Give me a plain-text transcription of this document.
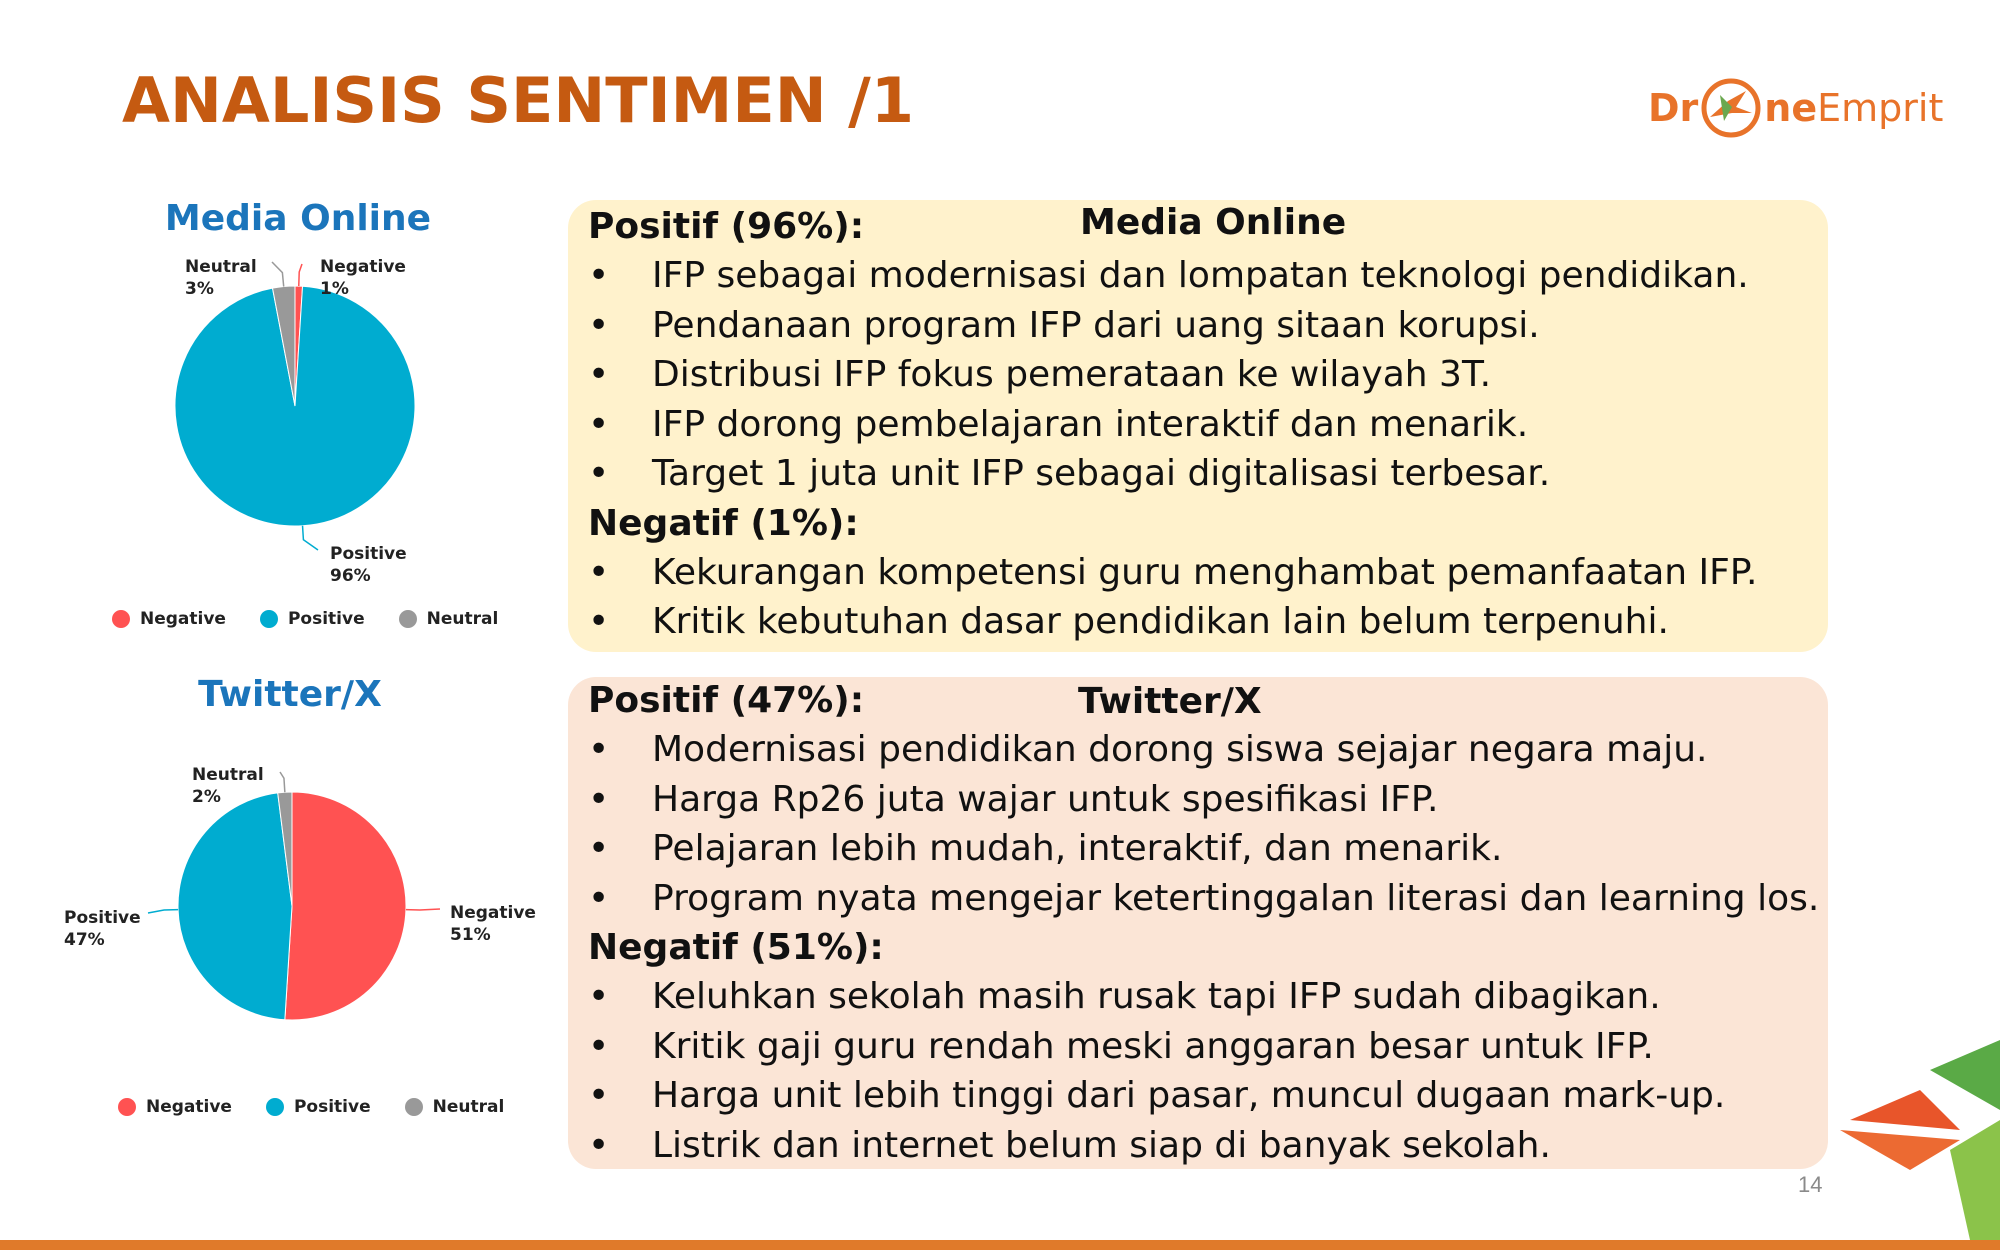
ANALISIS SENTIMEN /1	Dr ne Emprit
Media Online
Negative
1%
Positive
96%
Neutral
3%
Negative	Positive	Neutral
Twitter/X
Negative
51%
Positive
47%
Neutral
2%
Negative	Positive	Neutral
Media Online
Positif (96%):
•	IFP sebagai modernisasi dan lompatan teknologi pendidikan.
•	Pendanaan program IFP dari uang sitaan korupsi.
•	Distribusi IFP fokus pemerataan ke wilayah 3T.
•	IFP dorong pembelajaran interaktif dan menarik.
•	Target 1 juta unit IFP sebagai digitalisasi terbesar.
Negatif (1%):
•	Kekurangan kompetensi guru menghambat pemanfaatan IFP.
•	Kritik kebutuhan dasar pendidikan lain belum terpenuhi.
Twitter/X
Positif (47%):
•	Modernisasi pendidikan dorong siswa sejajar negara maju.
•	Harga Rp26 juta wajar untuk spesifikasi IFP.
•	Pelajaran lebih mudah, interaktif, dan menarik.
•	Program nyata mengejar ketertinggalan literasi dan learning los.
Negatif (51%):
•	Keluhkan sekolah masih rusak tapi IFP sudah dibagikan.
•	Kritik gaji guru rendah meski anggaran besar untuk IFP.
•	Harga unit lebih tinggi dari pasar, muncul dugaan mark-up.
•	Listrik dan internet belum siap di banyak sekolah.
14
